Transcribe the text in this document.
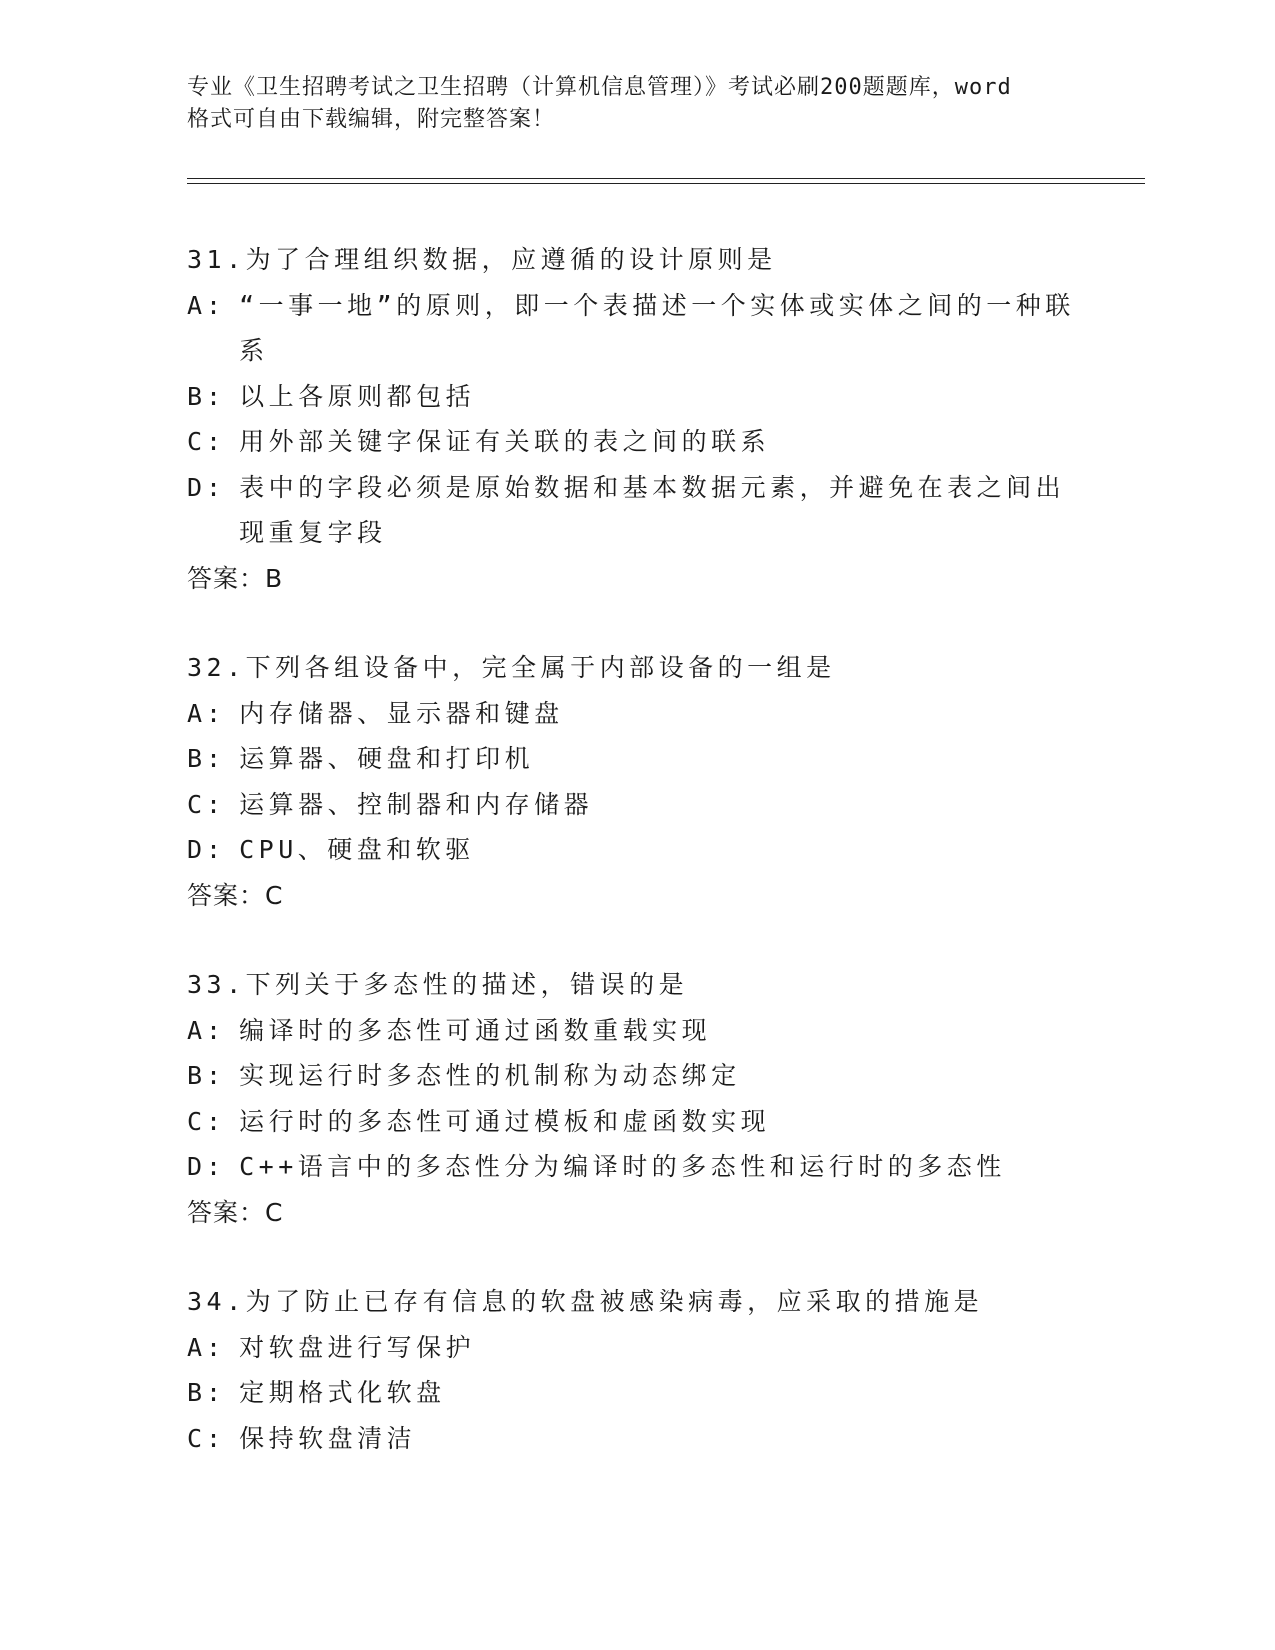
专业《卫生招聘考试之卫生招聘（计算机信息管理）》考试必刷200题题库，word
格式可自由下载编辑，附完整答案！
31.为了合理组织数据，应遵循的设计原则是
A: “一事一地”的原则，即一个表描述一个实体或实体之间的一种联系
B: 以上各原则都包括
C: 用外部关键字保证有关联的表之间的联系
D: 表中的字段必须是原始数据和基本数据元素，并避免在表之间出现重复字段
答案：B
32.下列各组设备中，完全属于内部设备的一组是
A: 内存储器、显示器和键盘
B: 运算器、硬盘和打印机
C: 运算器、控制器和内存储器
D: CPU、硬盘和软驱
答案：C
33.下列关于多态性的描述，错误的是
A: 编译时的多态性可通过函数重载实现
B: 实现运行时多态性的机制称为动态绑定
C: 运行时的多态性可通过模板和虚函数实现
D: C++语言中的多态性分为编译时的多态性和运行时的多态性
答案：C
34.为了防止已存有信息的软盘被感染病毒，应采取的措施是
A: 对软盘进行写保护
B: 定期格式化软盘
C: 保持软盘清洁
